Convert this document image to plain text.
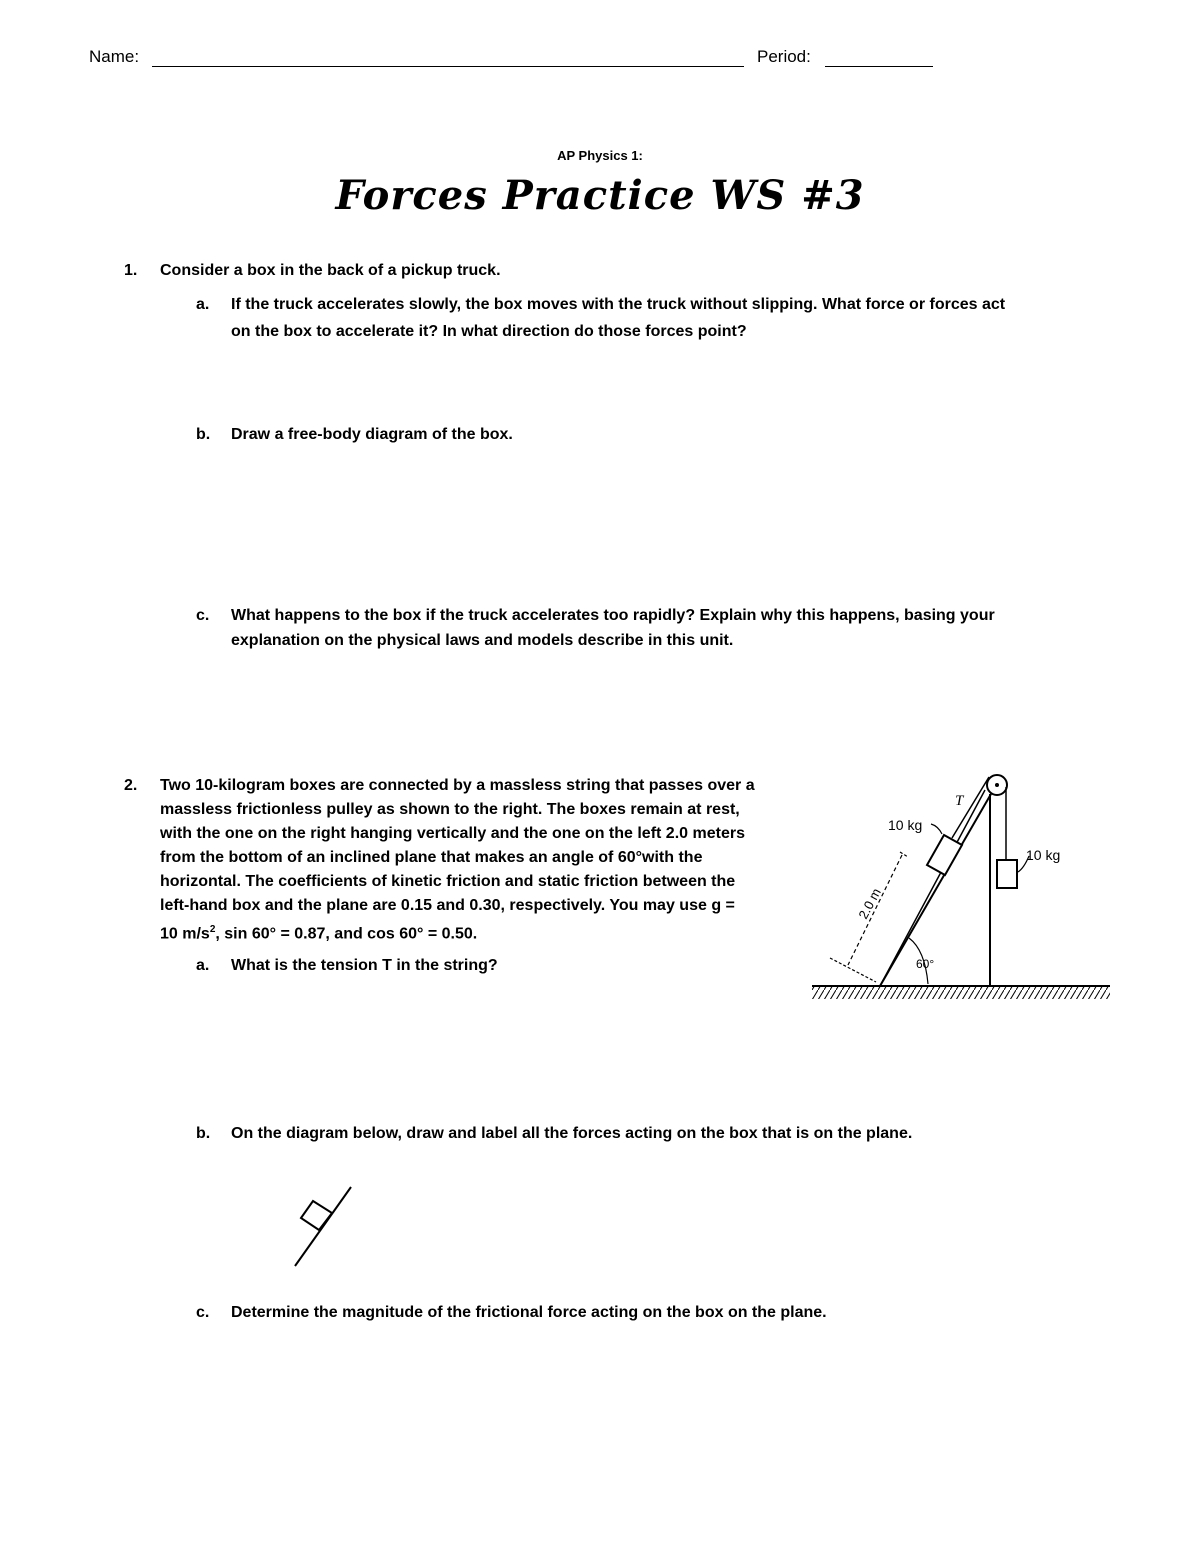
Name:	Period:
AP Physics 1:
Forces Practice WS #3
1.	Consider a box in the back of a pickup truck.
a. If the truck accelerates slowly, the box moves with the truck without slipping. What force or forces act
on the box to accelerate it? In what direction do those forces point?
b. Draw a free-body diagram of the box.
c. What happens to the box if the truck accelerates too rapidly? Explain why this happens, basing your
explanation on the physical laws and models describe in this unit.
2.	Two 10-kilogram boxes are connected by a massless string that passes over a
massless frictionless pulley as shown to the right. The boxes remain at rest,
with the one on the right hanging vertically and the one on the left 2.0 meters
from the bottom of an inclined plane that makes an angle of 60°with the
horizontal. The coefficients of kinetic friction and static friction between the
left-hand box and the plane are 0.15 and 0.30, respectively. You may use g =
10 $m/s^2$, sin 60° = 0.87, and cos 60° = 0.50.
a. What is the tension T in the string?
b. On the diagram below, draw and label all the forces acting on the box that is on the plane.
c. Determine the magnitude of the frictional force acting on the box on the plane.
T
10 kg
10 kg
2.0 m
60°
